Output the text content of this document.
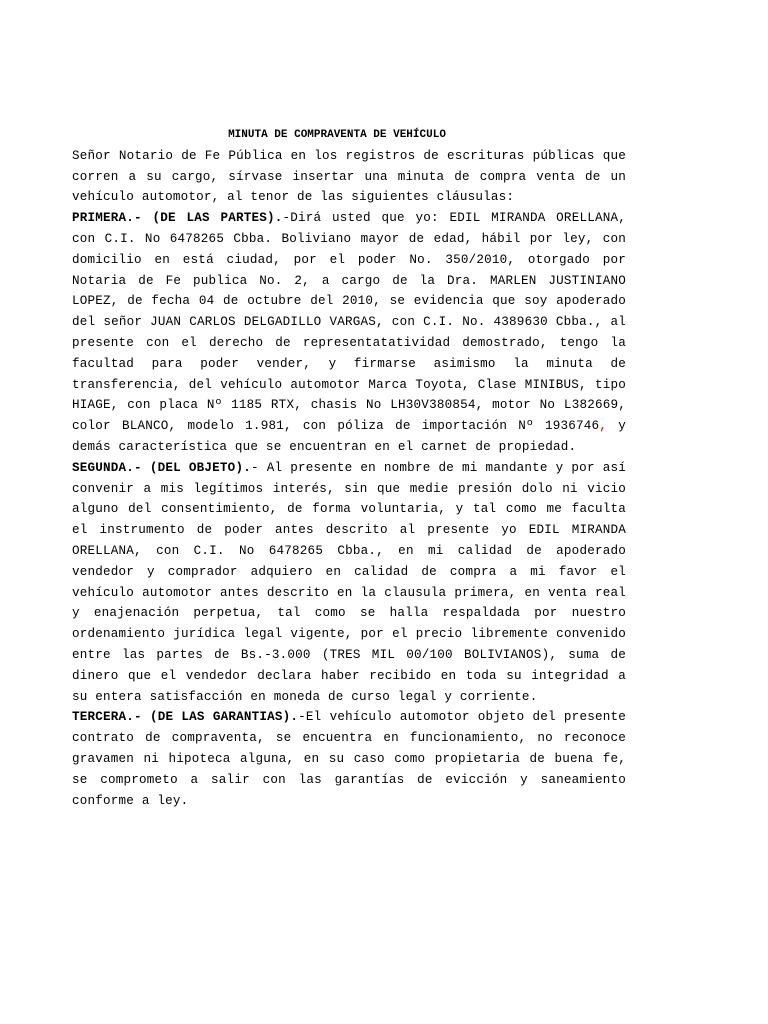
MINUTA DE COMPRAVENTA DE VEHÍCULO

Señor Notario de Fe Pública en los registros de escrituras públicas que corren a su cargo, sírvase insertar una minuta de compra venta de un vehículo automotor, al tenor de las siguientes cláusulas:

PRIMERA.- (DE LAS PARTES).-Dirá usted que yo: EDIL MIRANDA ORELLANA, con C.I. No 6478265 Cbba. Boliviano mayor de edad, hábil por ley, con domicilio en está ciudad, por el poder No. 350/2010, otorgado por Notaria de Fe publica No. 2, a cargo de la Dra. MARLEN JUSTINIANO LOPEZ, de fecha 04 de octubre del 2010, se evidencia que soy apoderado del señor JUAN CARLOS DELGADILLO VARGAS, con C.I. No. 4389630 Cbba., al presente con el derecho de representatatividad demostrado, tengo la facultad para poder vender, y firmarse asimismo la minuta de transferencia, del vehículo automotor Marca Toyota, Clase MINIBUS, tipo HIAGE, con placa Nº 1185 RTX, chasis No LH30V380854, motor No L382669, color BLANCO, modelo 1.981, con póliza de importación Nº 1936746, y demás característica que se encuentran en el carnet de propiedad.

SEGUNDA.- (DEL OBJETO).- Al presente en nombre de mi mandante y por así convenir a mis legítimos interés, sin que medie presión dolo ni vicio alguno del consentimiento, de forma voluntaria, y tal como me faculta el instrumento de poder antes descrito al presente yo EDIL MIRANDA ORELLANA, con C.I. No 6478265 Cbba., en mi calidad de apoderado vendedor y comprador adquiero en calidad de compra a mi favor el vehículo automotor antes descrito en la clausula primera, en venta real y enajenación perpetua, tal como se halla respaldada por nuestro ordenamiento jurídica legal vigente, por el precio libremente convenido entre las partes de Bs.-3.000 (TRES MIL 00/100 BOLIVIANOS), suma de dinero que el vendedor declara haber recibido en toda su integridad a su entera satisfacción en moneda de curso legal y corriente.

TERCERA.- (DE LAS GARANTIAS).-El vehículo automotor objeto del presente contrato de compraventa, se encuentra en funcionamiento, no reconoce gravamen ni hipoteca alguna, en su caso como propietaria de buena fe, se comprometo a salir con las garantías de evicción y saneamiento conforme a ley.
